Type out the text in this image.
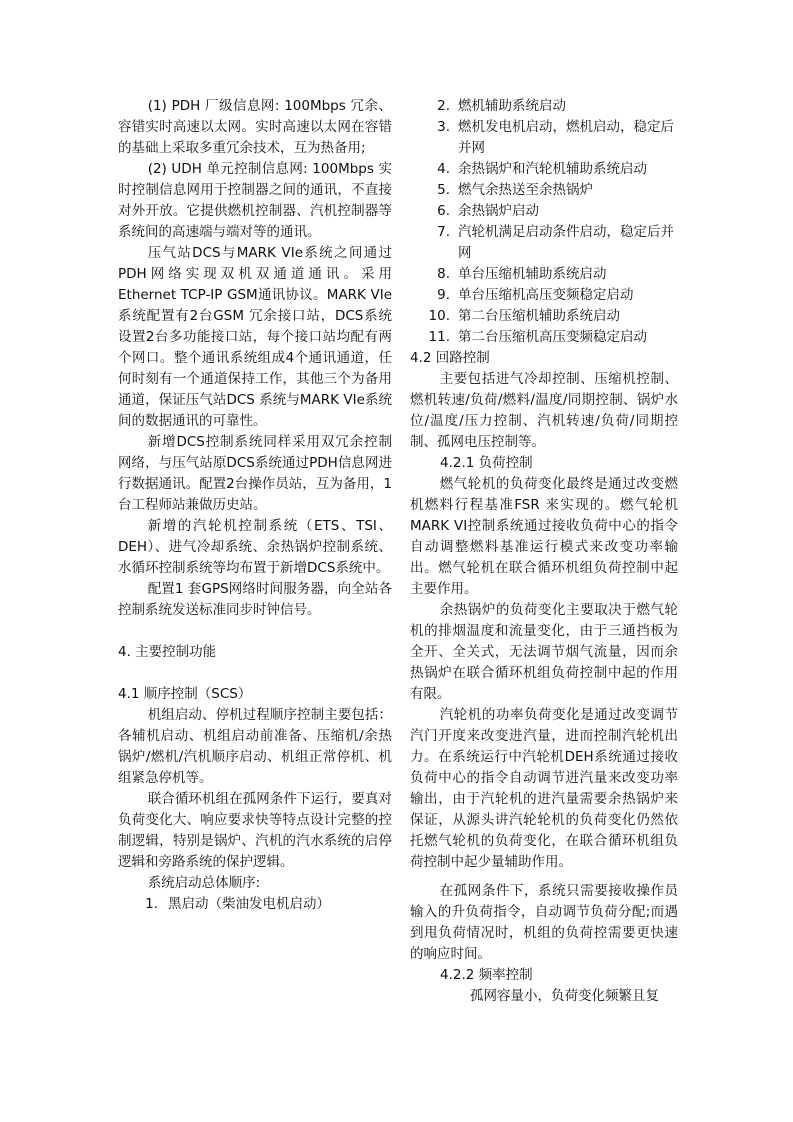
(1) PDH 厂级信息网: 100Mbps 冗余、容错实时高速以太网。实时高速以太网在容错的基础上采取多重冗余技术，互为热备用;

(2) UDH 单元控制信息网: 100Mbps 实时控制信息网用于控制器之间的通讯，不直接对外开放。它提供燃机控制器、汽机控制器等系统间的高速端与端对等的通讯。

压气站DCS与MARK VIe系统之间通过PDH网络实现双机双通道通讯。采用Ethernet TCP-IP GSM通讯协议。MARK VIe系统配置有2台GSM 冗余接口站，DCS系统设置2台多功能接口站，每个接口站均配有两个网口。整个通讯系统组成4个通讯通道，任何时刻有一个通道保持工作，其他三个为备用通道，保证压气站DCS 系统与MARK VIe系统间的数据通讯的可靠性。

新增DCS控制系统同样采用双冗余控制网络，与压气站原DCS系统通过PDH信息网进行数据通讯。配置2台操作员站，互为备用，1台工程师站兼做历史站。

新增的汽轮机控制系统（ETS、TSI、DEH）、进气冷却系统、余热锅炉控制系统、水循环控制系统等均布置于新增DCS系统中。

配置1 套GPS网络时间服务器，向全站各控制系统发送标准同步时钟信号。

4. 主要控制功能

4.1 顺序控制（SCS）

机组启动、停机过程顺序控制主要包括：各辅机启动、机组启动前准备、压缩机/余热锅炉/燃机/汽机顺序启动、机组正常停机、机组紧急停机等。

联合循环机组在孤网条件下运行，要真对负荷变化大、响应要求快等特点设计完整的控制逻辑，特别是锅炉、汽机的汽水系统的启停逻辑和旁路系统的保护逻辑。

系统启动总体顺序:

1. 黑启动（柴油发电机启动）
2. 燃机辅助系统启动
3. 燃机发电机启动，燃机启动，稳定后并网
4. 余热锅炉和汽轮机辅助系统启动
5. 燃气余热送至余热锅炉
6. 余热锅炉启动
7. 汽轮机满足启动条件启动，稳定后并网
8. 单台压缩机辅助系统启动
9. 单台压缩机高压变频稳定启动
10. 第二台压缩机辅助系统启动
11. 第二台压缩机高压变频稳定启动

4.2 回路控制

主要包括进气冷却控制、压缩机控制、燃机转速/负荷/燃料/温度/同期控制、锅炉水位/温度/压力控制、汽机转速/负荷/同期控制、孤网电压控制等。

4.2.1 负荷控制

燃气轮机的负荷变化最终是通过改变燃机燃料行程基准FSR 来实现的。燃气轮机 MARK VI控制系统通过接收负荷中心的指令自动调整燃料基准运行模式来改变功率输出。燃气轮机在联合循环机组负荷控制中起主要作用。

余热锅炉的负荷变化主要取决于燃气轮机的排烟温度和流量变化，由于三通挡板为全开、全关式，无法调节烟气流量，因而余热锅炉在联合循环机组负荷控制中起的作用有限。

汽轮机的功率负荷变化是通过改变调节汽门开度来改变进汽量，进而控制汽轮机出力。在系统运行中汽轮机DEH系统通过接收负荷中心的指令自动调节进汽量来改变功率输出，由于汽轮机的进汽量需要余热锅炉来保证，从源头讲汽轮轮机的负荷变化仍然依托燃气轮机的负荷变化，在联合循环机组负荷控制中起少量辅助作用。

在孤网条件下，系统只需要接收操作员输入的升负荷指令，自动调节负荷分配;而遇到甩负荷情况时，机组的负荷控需要更快速的响应时间。

4.2.2 频率控制

孤网容量小，负荷变化频繁且复
